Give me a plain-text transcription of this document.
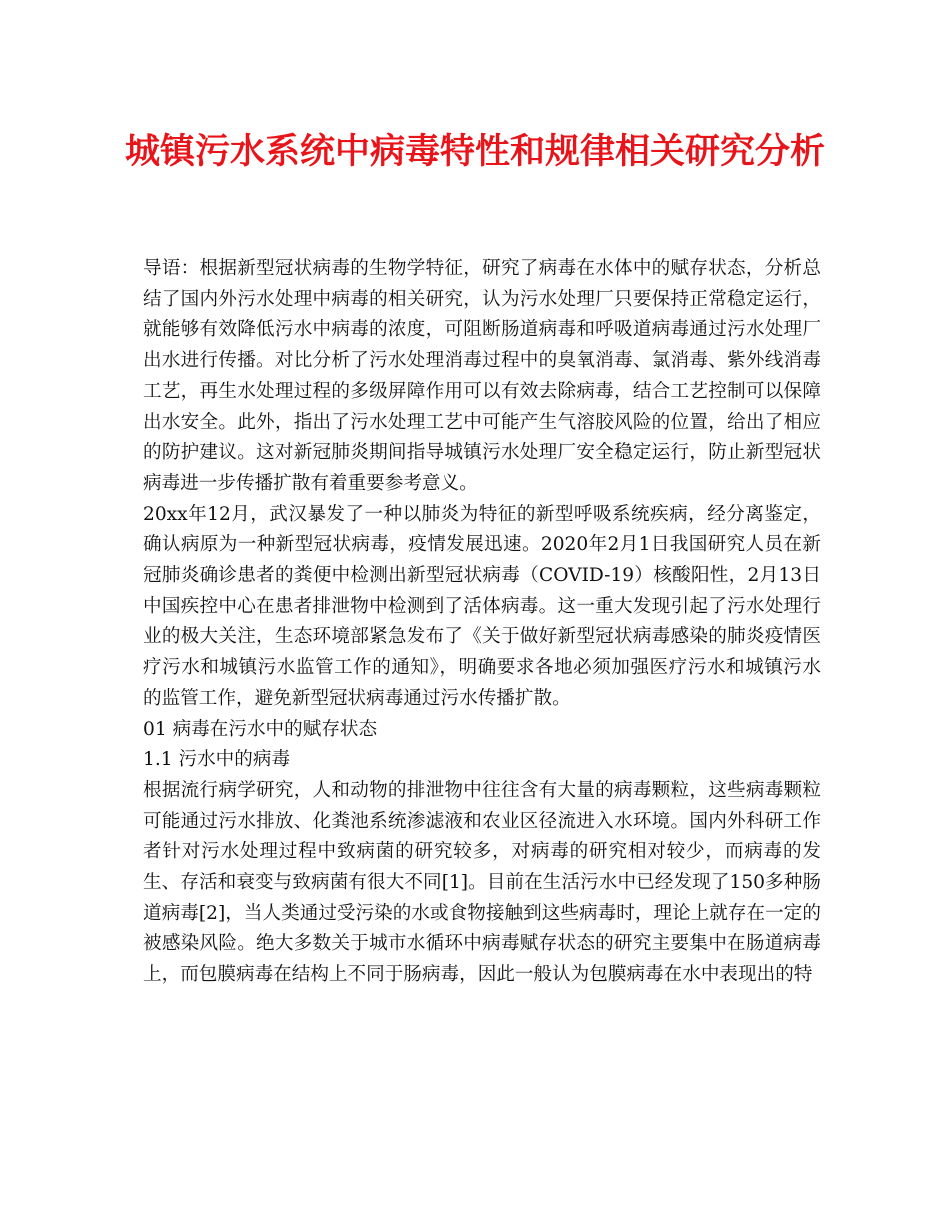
城镇污水系统中病毒特性和规律相关研究分析

导语：根据新型冠状病毒的生物学特征，研究了病毒在水体中的赋存状态，分析总结了国内外污水处理中病毒的相关研究，认为污水处理厂只要保持正常稳定运行，就能够有效降低污水中病毒的浓度，可阻断肠道病毒和呼吸道病毒通过污水处理厂出水进行传播。对比分析了污水处理消毒过程中的臭氧消毒、氯消毒、紫外线消毒工艺，再生水处理过程的多级屏障作用可以有效去除病毒，结合工艺控制可以保障出水安全。此外，指出了污水处理工艺中可能产生气溶胶风险的位置，给出了相应的防护建议。这对新冠肺炎期间指导城镇污水处理厂安全稳定运行，防止新型冠状病毒进一步传播扩散有着重要参考意义。

20xx年12月，武汉暴发了一种以肺炎为特征的新型呼吸系统疾病，经分离鉴定，确认病原为一种新型冠状病毒，疫情发展迅速。2020年2月1日我国研究人员在新冠肺炎确诊患者的粪便中检测出新型冠状病毒（COVID-19）核酸阳性，2月13日中国疾控中心在患者排泄物中检测到了活体病毒。这一重大发现引起了污水处理行业的极大关注，生态环境部紧急发布了《关于做好新型冠状病毒感染的肺炎疫情医疗污水和城镇污水监管工作的通知》，明确要求各地必须加强医疗污水和城镇污水的监管工作，避免新型冠状病毒通过污水传播扩散。

01 病毒在污水中的赋存状态

1.1 污水中的病毒

根据流行病学研究，人和动物的排泄物中往往含有大量的病毒颗粒，这些病毒颗粒可能通过污水排放、化粪池系统渗滤液和农业区径流进入水环境。国内外科研工作者针对污水处理过程中致病菌的研究较多，对病毒的研究相对较少，而病毒的发生、存活和衰变与致病菌有很大不同[1]。目前在生活污水中已经发现了150多种肠道病毒[2]，当人类通过受污染的水或食物接触到这些病毒时，理论上就存在一定的被感染风险。绝大多数关于城市水循环中病毒赋存状态的研究主要集中在肠道病毒上，而包膜病毒在结构上不同于肠病毒，因此一般认为包膜病毒在水中表现出的特
